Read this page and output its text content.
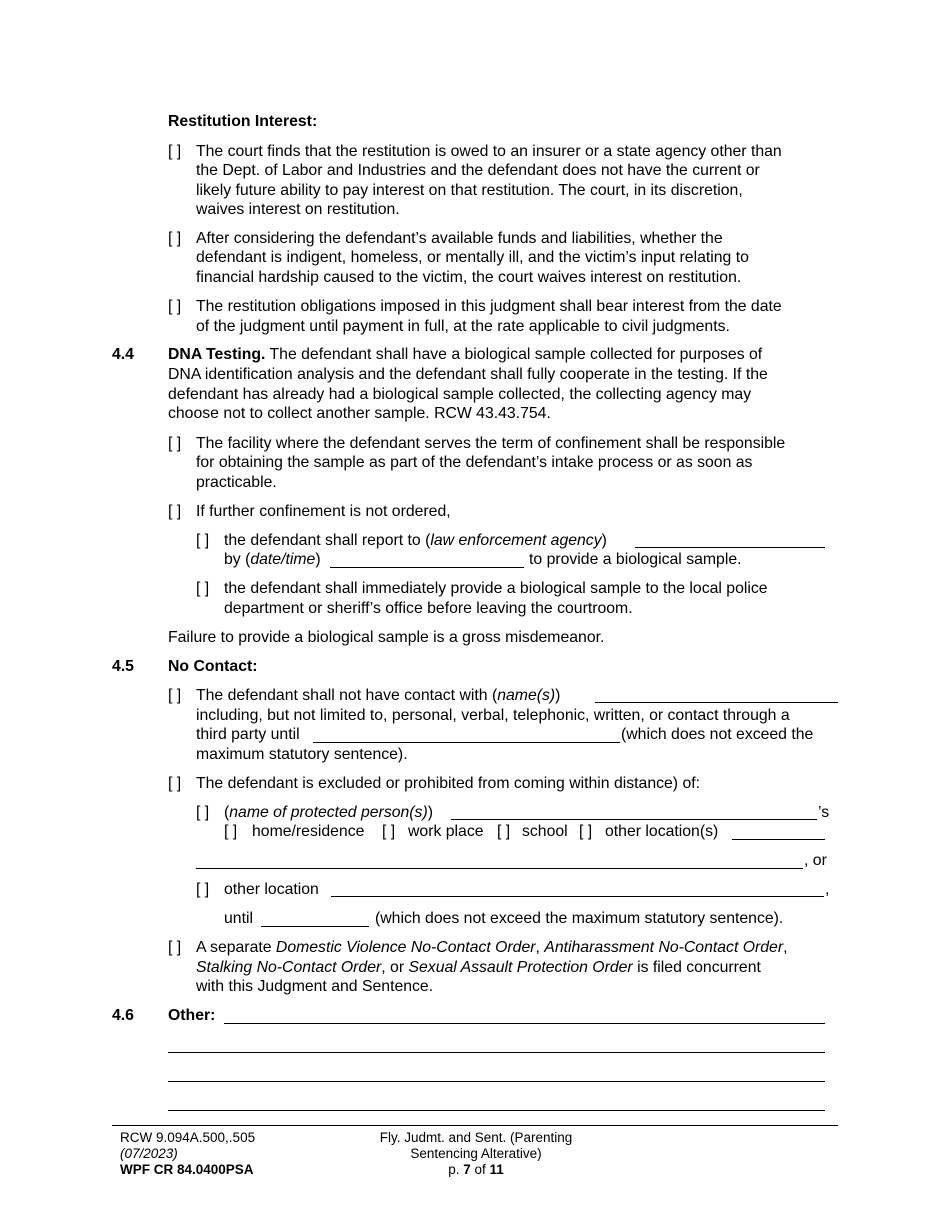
Restitution Interest:
[ ] The court finds that the restitution is owed to an insurer or a state agency other than
the Dept. of Labor and Industries and the defendant does not have the current or
likely future ability to pay interest on that restitution. The court, in its discretion,
waives interest on restitution.
[ ] After considering the defendant’s available funds and liabilities, whether the
defendant is indigent, homeless, or mentally ill, and the victim’s input relating to
financial hardship caused to the victim, the court waives interest on restitution.
[ ] The restitution obligations imposed in this judgment shall bear interest from the date
of the judgment until payment in full, at the rate applicable to civil judgments.
4.4 DNA Testing. The defendant shall have a biological sample collected for purposes of
DNA identification analysis and the defendant shall fully cooperate in the testing. If the
defendant has already had a biological sample collected, the collecting agency may
choose not to collect another sample. RCW 43.43.754.
[ ] The facility where the defendant serves the term of confinement shall be responsible
for obtaining the sample as part of the defendant’s intake process or as soon as
practicable.
[ ] If further confinement is not ordered,
[ ] the defendant shall report to (law enforcement agency)
by (date/time)	to provide a biological sample.
[ ] the defendant shall immediately provide a biological sample to the local police
department or sheriff’s office before leaving the courtroom.
Failure to provide a biological sample is a gross misdemeanor.
4.5 No Contact:
[ ] The defendant shall not have contact with (name(s))
including, but not limited to, personal, verbal, telephonic, written, or contact through a
third party until	(which does not exceed the
maximum statutory sentence).
[ ] The defendant is excluded or prohibited from coming within distance) of:
[ ] (name of protected person(s))	’s
[ ] home/residence [ ] work place [ ] school [ ] other location(s)
, or
[ ] other location	,
until	(which does not exceed the maximum statutory sentence).
[ ] A separate Domestic Violence No-Contact Order, Antiharassment No-Contact Order,
Stalking No-Contact Order, or Sexual Assault Protection Order is filed concurrent
with this Judgment and Sentence.
4.6 Other:
RCW 9.094A.500,.505
(07/2023)
WPF CR 84.0400PSA
Fly. Judmt. and Sent. (Parenting
Sentencing Alterative)
p. 7 of 11
